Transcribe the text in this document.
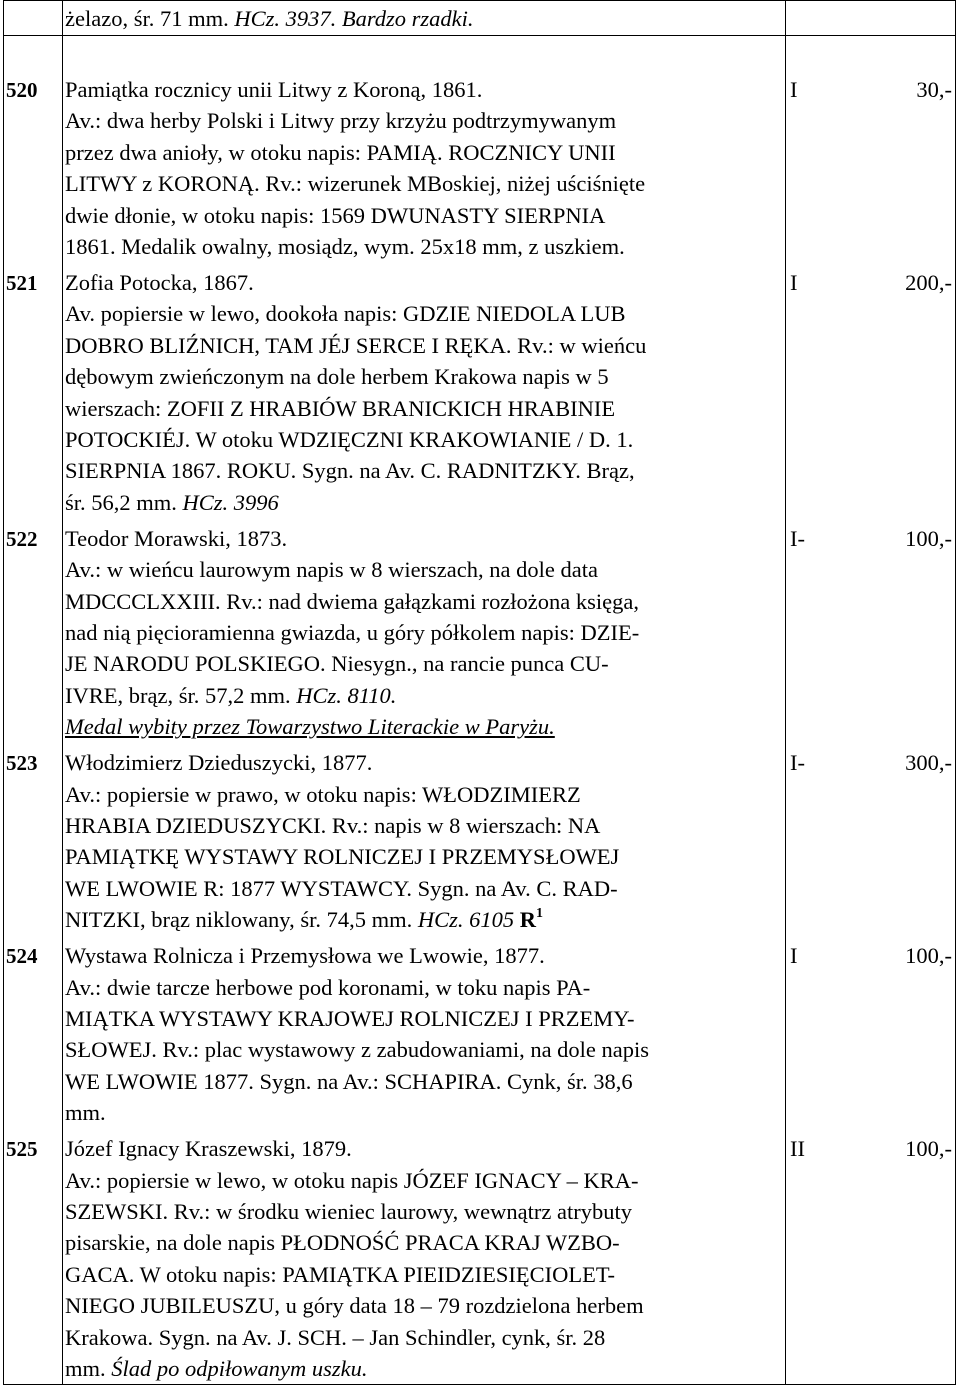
żelazo, śr. 71 mm. HCz. 3937. Bardzo rzadki.
520	Pamiątka rocznicy unii Litwy z Koroną, 1861.
Av.: dwa herby Polski i Litwy przy krzyżu podtrzymywanym
przez dwa anioły, w otoku napis: PAMIĄ. ROCZNICY UNII
LITWY z KORONĄ. Rv.: wizerunek MBoskiej, niżej uściśnięte
dwie dłonie, w otoku napis: 1569 DWUNASTY SIERPNIA
1861. Medalik owalny, mosiądz, wym. 25x18 mm, z uszkiem.
I	30,-
521	Zofia Potocka, 1867.
Av. popiersie w lewo, dookoła napis: GDZIE NIEDOLA LUB
DOBRO BLIŹNICH, TAM JÉJ SERCE I RĘKA. Rv.: w wieńcu
dębowym zwieńczonym na dole herbem Krakowa napis w 5
wierszach: ZOFII Z HRABIÓW BRANICKICH HRABINIE
POTOCKIÉJ. W otoku WDZIĘCZNI KRAKOWIANIE / D. 1.
SIERPNIA 1867. ROKU. Sygn. na Av. C. RADNITZKY. Brąz,
śr. 56,2 mm. HCz. 3996
I	200,-
522	Teodor Morawski, 1873.
Av.: w wieńcu laurowym napis w 8 wierszach, na dole data
MDCCCLXXIII. Rv.: nad dwiema gałązkami rozłożona księga,
nad nią pięcioramienna gwiazda, u góry półkolem napis: DZIE-
JE NARODU POLSKIEGO. Niesygn., na rancie punca CU-
IVRE, brąz, śr. 57,2 mm. HCz. 8110.
Medal wybity przez Towarzystwo Literackie w Paryżu.
I-	100,-
523	Włodzimierz Dzieduszycki, 1877.
Av.: popiersie w prawo, w otoku napis: WŁODZIMIERZ
HRABIA DZIEDUSZYCKI. Rv.: napis w 8 wierszach: NA
PAMIĄTKĘ WYSTAWY ROLNICZEJ I PRZEMYSŁOWEJ
WE LWOWIE R: 1877 WYSTAWCY. Sygn. na Av. C. RAD-
NITZKI, brąz niklowany, śr. 74,5 mm. HCz. 6105 $R^1$
I-	300,-
524	Wystawa Rolnicza i Przemysłowa we Lwowie, 1877.
Av.: dwie tarcze herbowe pod koronami, w toku napis PA-
MIĄTKA WYSTAWY KRAJOWEJ ROLNICZEJ I PRZEMY-
SŁOWEJ. Rv.: plac wystawowy z zabudowaniami, na dole napis
WE LWOWIE 1877. Sygn. na Av.: SCHAPIRA. Cynk, śr. 38,6
mm.
I	100,-
525	Józef Ignacy Kraszewski, 1879.
Av.: popiersie w lewo, w otoku napis JÓZEF IGNACY – KRA-
SZEWSKI. Rv.: w środku wieniec laurowy, wewnątrz atrybuty
pisarskie, na dole napis PŁODNOŚĆ PRACA KRAJ WZBO-
GACA. W otoku napis: PAMIĄTKA PIEIDZIESIĘCIOLET-
NIEGO JUBILEUSZU, u góry data 18 – 79 rozdzielona herbem
Krakowa. Sygn. na Av. J. SCH. – Jan Schindler, cynk, śr. 28
mm. Ślad po odpiłowanym uszku.
II	100,-
